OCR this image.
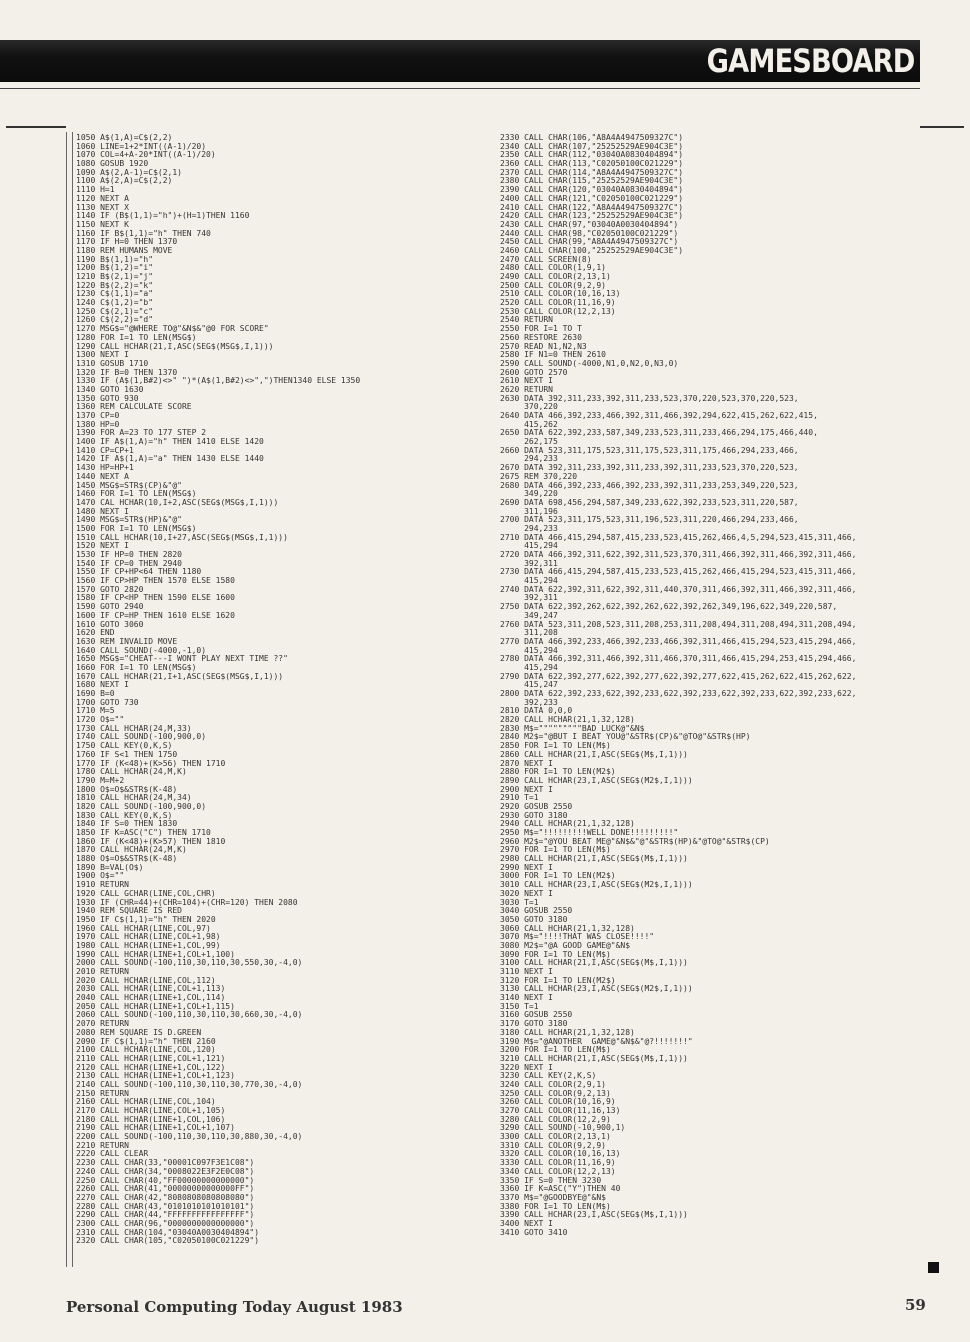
GAMESBOARD
1050 A$(1,A)=C$(2,2)
1060 LINE=1+2*INT((A-1)/20)
1070 COL=4+A-20*INT((A-1)/20)
1080 GOSUB 1920
1090 A$(2,A-1)=C$(2,1)
1100 A$(2,A)=C$(2,2)
1110 H=1
1120 NEXT A
1130 NEXT X
1140 IF (B$(1,1)="h")+(H=1)THEN 1160
1150 NEXT K
1160 IF B$(1,1)="h" THEN 740
1170 IF H=0 THEN 1370
1180 REM HUMANS MOVE
1190 B$(1,1)="h"
1200 B$(1,2)="i"
1210 B$(2,1)="j"
1220 B$(2,2)="k"
1230 C$(1,1)="a"
1240 C$(1,2)="b"
1250 C$(2,1)="c"
1260 C$(2,2)="d"
1270 MSG$="@WHERE TO@"&N$&"@0 FOR SCORE"
1280 FOR I=1 TO LEN(MSG$)
1290 CALL HCHAR(21,I,ASC(SEG$(MSG$,I,1)))
1300 NEXT I
1310 GOSUB 1710
1320 IF B=0 THEN 1370
1330 IF (A$(1,B#2)<>" ")*(A$(1,B#2)<>",")THEN1340 ELSE 1350
1340 GOTO 1630
1350 GOTO 930
1360 REM CALCULATE SCORE
1370 CP=0
1380 HP=0
1390 FOR A=23 TO 177 STEP 2
1400 IF A$(1,A)="h" THEN 1410 ELSE 1420
1410 CP=CP+1
1420 IF A$(1,A)="a" THEN 1430 ELSE 1440
1430 HP=HP+1
1440 NEXT A
1450 MSG$=STR$(CP)&"@"
1460 FOR I=1 TO LEN(MSG$)
1470 CAL HCHAR(10,I+2,ASC(SEG$(MSG$,I,1)))
1480 NEXT I
1490 MSG$=STR$(HP)&"@"
1500 FOR I=1 TO LEN(MSG$)
1510 CALL HCHAR(10,I+27,ASC(SEG$(MSG$,I,1)))
1520 NEXT I
1530 IF HP=0 THEN 2820
1540 IF CP=0 THEN 2940
1550 IF CP+HP<64 THEN 1180
1560 IF CP>HP THEN 1570 ELSE 1580
1570 GOTO 2820
1580 IF CP<HP THEN 1590 ELSE 1600
1590 GOTO 2940
1600 IF CP=HP THEN 1610 ELSE 1620
1610 GOTO 3060
1620 END
1630 REM INVALID MOVE
1640 CALL SOUND(-4000,-1,0)
1650 MSG$="CHEAT---I WONT PLAY NEXT TIME ??"
1660 FOR I=1 TO LEN(MSG$)
1670 CALL HCHAR(21,I+1,ASC(SEG$(MSG$,I,1)))
1680 NEXT I
1690 B=0
1700 GOTO 730
1710 M=5
1720 O$=""
1730 CALL HCHAR(24,M,33)
1740 CALL SOUND(-100,900,0)
1750 CALL KEY(0,K,S)
1760 IF S<1 THEN 1750
1770 IF (K<48)+(K>56) THEN 1710
1780 CALL HCHAR(24,M,K)
1790 M=M+2
1800 O$=O$&STR$(K-48)
1810 CALL HCHAR(24,M,34)
1820 CALL SOUND(-100,900,0)
1830 CALL KEY(0,K,S)
1840 IF S=0 THEN 1830
1850 IF K=ASC("C") THEN 1710
1860 IF (K<48)+(K>57) THEN 1810
1870 CALL HCHAR(24,M,K)
1880 O$=O$&STR$(K-48)
1890 B=VAL(O$)
1900 O$=""
1910 RETURN
1920 CALL GCHAR(LINE,COL,CHR)
1930 IF (CHR=44)+(CHR=104)+(CHR=120) THEN 2080
1940 REM SQUARE IS RED
1950 IF C$(1,1)="h" THEN 2020
1960 CALL HCHAR(LINE,COL,97)
1970 CALL HCHAR(LINE,COL+1,98)
1980 CALL HCHAR(LINE+1,COL,99)
1990 CALL HCHAR(LINE+1,COL+1,100)
2000 CALL SOUND(-100,110,30,110,30,550,30,-4,0)
2010 RETURN
2020 CALL HCHAR(LINE,COL,112)
2030 CALL HCHAR(LINE,COL+1,113)
2040 CALL HCHAR(LINE+1,COL,114)
2050 CALL HCHAR(LINE+1,COL+1,115)
2060 CALL SOUND(-100,110,30,110,30,660,30,-4,0)
2070 RETURN
2080 REM SQUARE IS D.GREEN
2090 IF C$(1,1)="h" THEN 2160
2100 CALL HCHAR(LINE,COL,120)
2110 CALL HCHAR(LINE,COL+1,121)
2120 CALL HCHAR(LINE+1,COL,122)
2130 CALL HCHAR(LINE+1,COL+1,123)
2140 CALL SOUND(-100,110,30,110,30,770,30,-4,0)
2150 RETURN
2160 CALL HCHAR(LINE,COL,104)
2170 CALL HCHAR(LINE,COL+1,105)
2180 CALL HCHAR(LINE+1,COL,106)
2190 CALL HCHAR(LINE+1,COL+1,107)
2200 CALL SOUND(-100,110,30,110,30,880,30,-4,0)
2210 RETURN
2220 CALL CLEAR
2230 CALL CHAR(33,"00001C097F3E1C08")
2240 CALL CHAR(34,"0008022E3F2E0C08")
2250 CALL CHAR(40,"FF00000000000000")
2260 CALL CHAR(41,"00000000000000FF")
2270 CALL CHAR(42,"8080808080808080")
2280 CALL CHAR(43,"0101010101010101")
2290 CALL CHAR(44,"FFFFFFFFFFFFFFFF")
2300 CALL CHAR(96,"0000000000000000")
2310 CALL CHAR(104,"03040A0030404894")
2320 CALL CHAR(105,"C02050100C021229")
2330 CALL CHAR(106,"A8A4A4947509327C")
2340 CALL CHAR(107,"25252529AE904C3E")
2350 CALL CHAR(112,"03040A0830404894")
2360 CALL CHAR(113,"C02050100C021229")
2370 CALL CHAR(114,"A8A4A4947509327C")
2380 CALL CHAR(115,"25252529AE904C3E")
2390 CALL CHAR(120,"03040A0830404894")
2400 CALL CHAR(121,"C02050100C021229")
2410 CALL CHAR(122,"A8A4A4947509327C")
2420 CALL CHAR(123,"25252529AE904C3E")
2430 CALL CHAR(97,"03040A0030404894")
2440 CALL CHAR(98,"C02050100C021229")
2450 CALL CHAR(99,"A8A4A4947509327C")
2460 CALL CHAR(100,"25252529AE904C3E")
2470 CALL SCREEN(8)
2480 CALL COLOR(1,9,1)
2490 CALL COLOR(2,13,1)
2500 CALL COLOR(9,2,9)
2510 CALL COLOR(10,16,13)
2520 CALL COLOR(11,16,9)
2530 CALL COLOR(12,2,13)
2540 RETURN
2550 FOR I=1 TO T
2560 RESTORE 2630
2570 READ N1,N2,N3
2580 IF N1=0 THEN 2610
2590 CALL SOUND(-4000,N1,0,N2,0,N3,0)
2600 GOTO 2570
2610 NEXT I
2620 RETURN
2630 DATA 392,311,233,392,311,233,523,370,220,523,370,220,523,
370,220
2640 DATA 466,392,233,466,392,311,466,392,294,622,415,262,622,415,
415,262
2650 DATA 622,392,233,587,349,233,523,311,233,466,294,175,466,440,
262,175
2660 DATA 523,311,175,523,311,175,523,311,175,466,294,233,466,
294,233
2670 DATA 392,311,233,392,311,233,392,311,233,523,370,220,523,
2675 REM 370,220
2680 DATA 466,392,233,466,392,233,392,311,233,253,349,220,523,
349,220
2690 DATA 698,456,294,587,349,233,622,392,233,523,311,220,587,
311,196
2700 DATA 523,311,175,523,311,196,523,311,220,466,294,233,466,
294,233
2710 DATA 466,415,294,587,415,233,523,415,262,466,4,5,294,523,415,311,466,
415,294
2720 DATA 466,392,311,622,392,311,523,370,311,466,392,311,466,392,311,466,
392,311
2730 DATA 466,415,294,587,415,233,523,415,262,466,415,294,523,415,311,466,
415,294
2740 DATA 622,392,311,622,392,311,440,370,311,466,392,311,466,392,311,466,
392,311
2750 DATA 622,392,262,622,392,262,622,392,262,349,196,622,349,220,587,
349,247
2760 DATA 523,311,208,523,311,208,253,311,208,494,311,208,494,311,208,494,
311,208
2770 DATA 466,392,233,466,392,233,466,392,311,466,415,294,523,415,294,466,
415,294
2780 DATA 466,392,311,466,392,311,466,370,311,466,415,294,253,415,294,466,
415,294
2790 DATA 622,392,277,622,392,277,622,392,277,622,415,262,622,415,262,622,
415,247
2800 DATA 622,392,233,622,392,233,622,392,233,622,392,233,622,392,233,622,
392,233
2810 DATA 0,0,0
2820 CALL HCHAR(21,1,32,128)
2830 M$="""""""""BAD LUCK@"&N$
2840 M2$="@BUT I BEAT YOU@"&STR$(CP)&"@TO@"&STR$(HP)
2850 FOR I=1 TO LEN(M$)
2860 CALL HCHAR(21,I,ASC(SEG$(M$,I,1)))
2870 NEXT I
2880 FOR I=1 TO LEN(M2$)
2890 CALL HCHAR(23,I,ASC(SEG$(M2$,I,1)))
2900 NEXT I
2910 T=1
2920 GOSUB 2550
2930 GOTO 3180
2940 CALL HCHAR(21,1,32,128)
2950 M$="!!!!!!!!!WELL DONE!!!!!!!!!"
2960 M2$="@YOU BEAT ME@"&N$&"@"&STR$(HP)&"@TO@"&STR$(CP)
2970 FOR I=1 TO LEN(M$)
2980 CALL HCHAR(21,I,ASC(SEG$(M$,I,1)))
2990 NEXT I
3000 FOR I=1 TO LEN(M2$)
3010 CALL HCHAR(23,I,ASC(SEG$(M2$,I,1)))
3020 NEXT I
3030 T=1
3040 GOSUB 2550
3050 GOTO 3180
3060 CALL HCHAR(21,1,32,128)
3070 M$="!!!!THAT WAS CLOSE!!!!"
3080 M2$="@A GOOD GAME@"&N$
3090 FOR I=1 TO LEN(M$)
3100 CALL HCHAR(21,I,ASC(SEG$(M$,I,1)))
3110 NEXT I
3120 FOR I=1 TO LEN(M2$)
3130 CALL HCHAR(23,I,ASC(SEG$(M2$,I,1)))
3140 NEXT I
3150 T=1
3160 GOSUB 2550
3170 GOTO 3180
3180 CALL HCHAR(21,1,32,128)
3190 M$="@ANOTHER  GAME@"&N$&"@?!!!!!!!"
3200 FOR I=1 TO LEN(M$)
3210 CALL HCHAR(21,I,ASC(SEG$(M$,I,1)))
3220 NEXT I
3230 CALL KEY(2,K,S)
3240 CALL COLOR(2,9,1)
3250 CALL COLOR(9,2,13)
3260 CALL COLOR(10,16,9)
3270 CALL COLOR(11,16,13)
3280 CALL COLOR(12,2,9)
3290 CALL SOUND(-10,900,1)
3300 CALL COLOR(2,13,1)
3310 CALL COLOR(9,2,9)
3320 CALL COLOR(10,16,13)
3330 CALL COLOR(11,16,9)
3340 CALL COLOR(12,2,13)
3350 IF S=0 THEN 3230
3360 IF K=ASC("Y")THEN 40
3370 M$="@GOODBYE@"&N$
3380 FOR I=1 TO LEN(M$)
3390 CALL HCHAR(23,I,ASC(SEG$(M$,I,1)))
3400 NEXT I
3410 GOTO 3410
Personal Computing Today August 1983	59
